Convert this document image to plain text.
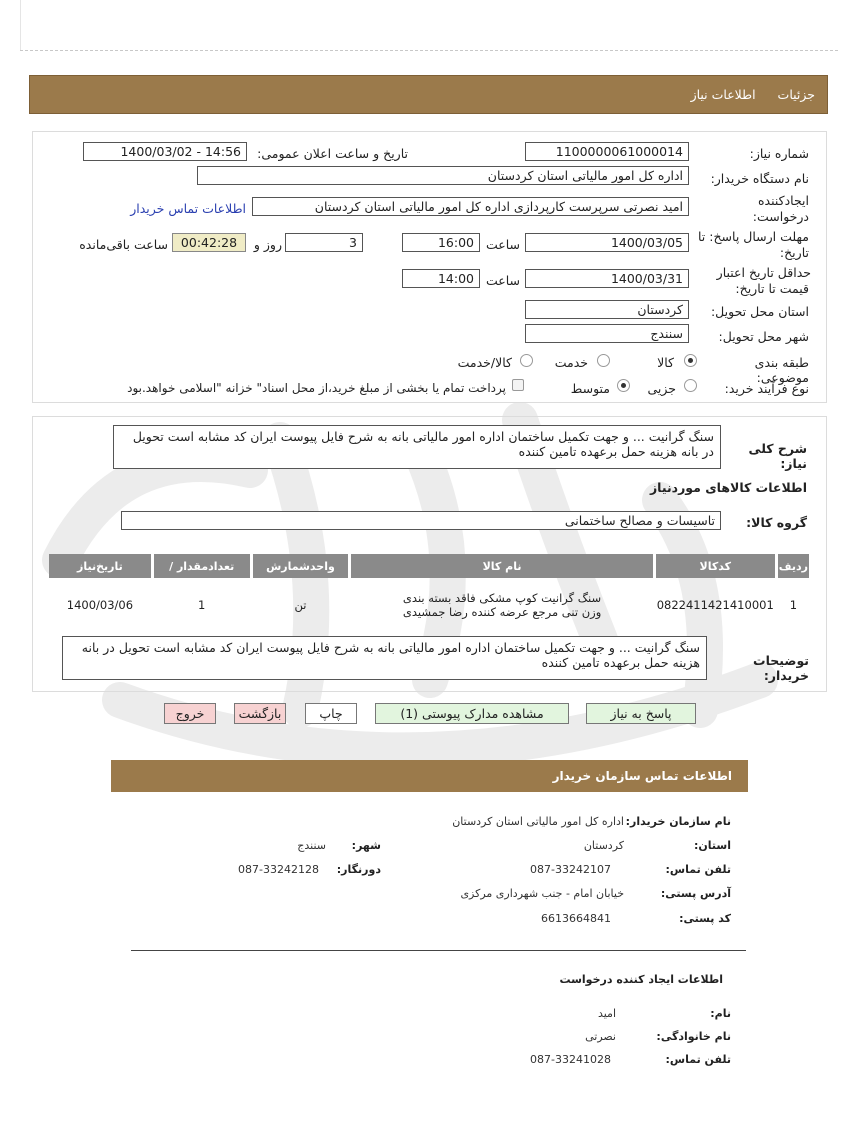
جزئیات
اطلاعات نیاز
شماره نیاز:
1100000061000014
تاریخ و ساعت اعلان عمومی:
1400/03/02 - 14:56
نام دستگاه خریدار:
اداره کل امور مالیاتی استان کردستان
ایجادکننده
درخواست:
امید نصرتی سرپرست کارپردازی اداره کل امور مالیاتی استان کردستان
اطلاعات تماس خریدار
مهلت ارسال پاسخ: تا
تاریخ:
1400/03/05
ساعت
16:00
3
روز و
00:42:28
ساعت باقی‌مانده
حداقل تاریخ اعتبار
قیمت تا تاریخ:
1400/03/31
ساعت
14:00
استان محل تحویل:
کردستان
شهر محل تحویل:
سنندج
طبقه بندی موضوعی:
کالا
خدمت
کالا/خدمت
نوع فرآیند خرید:
جزیی
متوسط
پرداخت تمام یا بخشی از مبلغ خرید،از محل اسناد" خزانه "اسلامی خواهد.بود
شرح کلی نیاز:
سنگ گرانیت ... و جهت تکمیل ساختمان اداره امور مالیاتی بانه به شرح فایل پیوست ایران کد مشابه است تحویل در بانه هزینه حمل برعهده تامین کننده
اطلاعات کالاهای موردنیاز
گروه کالا:
تاسیسات و مصالح ساختمانی
ردیف	کدکالا	نام کالا	واحدشمارش	تعدادمقدار /	تاریخ‌نیاز
1	0822411421410001	سنگ گرانیت کوپ مشکی فاقد بسته بندی وزن تنی مرجع عرضه کننده رضا جمشیدی	تن	1	1400/03/06
توضیحات خریدار:
سنگ گرانیت ... و جهت تکمیل ساختمان اداره امور مالیاتی بانه به شرح فایل پیوست ایران کد مشابه است تحویل در بانه هزینه حمل برعهده تامین کننده
پاسخ به نیاز
مشاهده مدارک پیوستی (1)
چاپ
بازگشت
خروج
اطلاعات تماس سازمان خریدار
نام سازمان خریدار:
اداره کل امور مالیاتی استان کردستان
استان:
کردستان
شهر:
سنندج
تلفن تماس:
087-33242107
دورنگار:
087-33242128
آدرس پستی:
خیابان امام - جنب شهرداری مرکزی
کد پستی:
6613664841
اطلاعات ایجاد کننده درخواست
نام:
امید
نام خانوادگی:
نصرتی
تلفن تماس:
087-33241028
